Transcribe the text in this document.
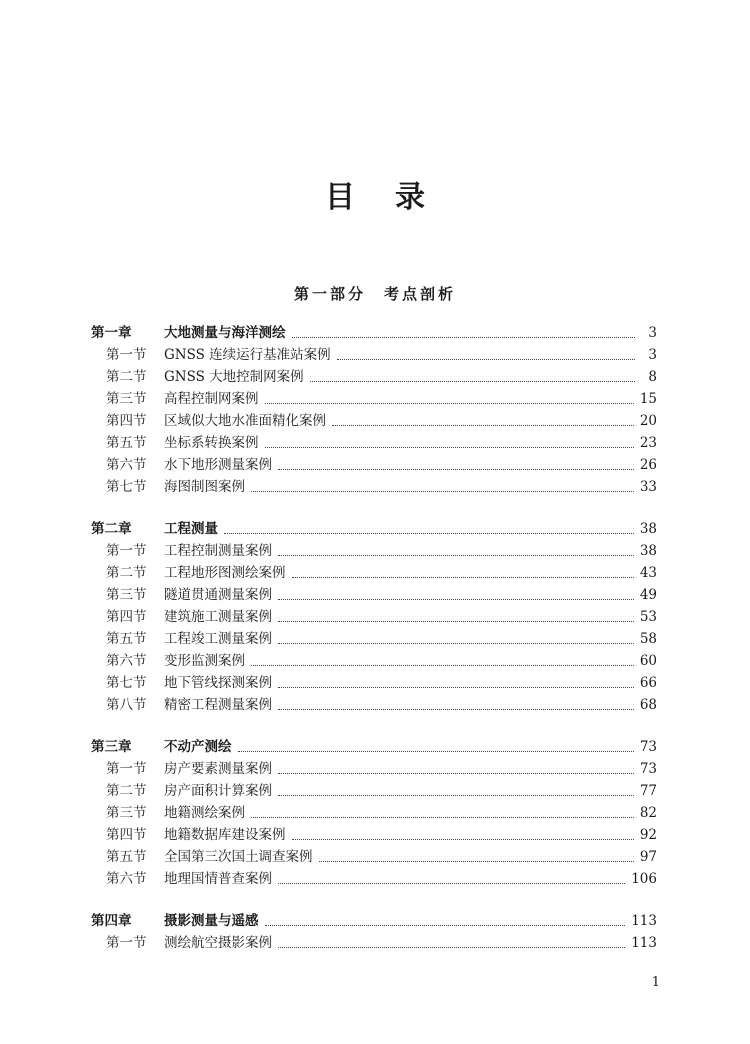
目录
第一部分　考点剖析
第一章	大地测量与海洋测绘	3
第一节	GNSS 连续运行基准站案例	3
第二节	GNSS 大地控制网案例	8
第三节	高程控制网案例	15
第四节	区域似大地水准面精化案例	20
第五节	坐标系转换案例	23
第六节	水下地形测量案例	26
第七节	海图制图案例	33
第二章	工程测量	38
第一节	工程控制测量案例	38
第二节	工程地形图测绘案例	43
第三节	隧道贯通测量案例	49
第四节	建筑施工测量案例	53
第五节	工程竣工测量案例	58
第六节	变形监测案例	60
第七节	地下管线探测案例	66
第八节	精密工程测量案例	68
第三章	不动产测绘	73
第一节	房产要素测量案例	73
第二节	房产面积计算案例	77
第三节	地籍测绘案例	82
第四节	地籍数据库建设案例	92
第五节	全国第三次国土调查案例	97
第六节	地理国情普查案例	106
第四章	摄影测量与遥感	113
第一节	测绘航空摄影案例	113
1
